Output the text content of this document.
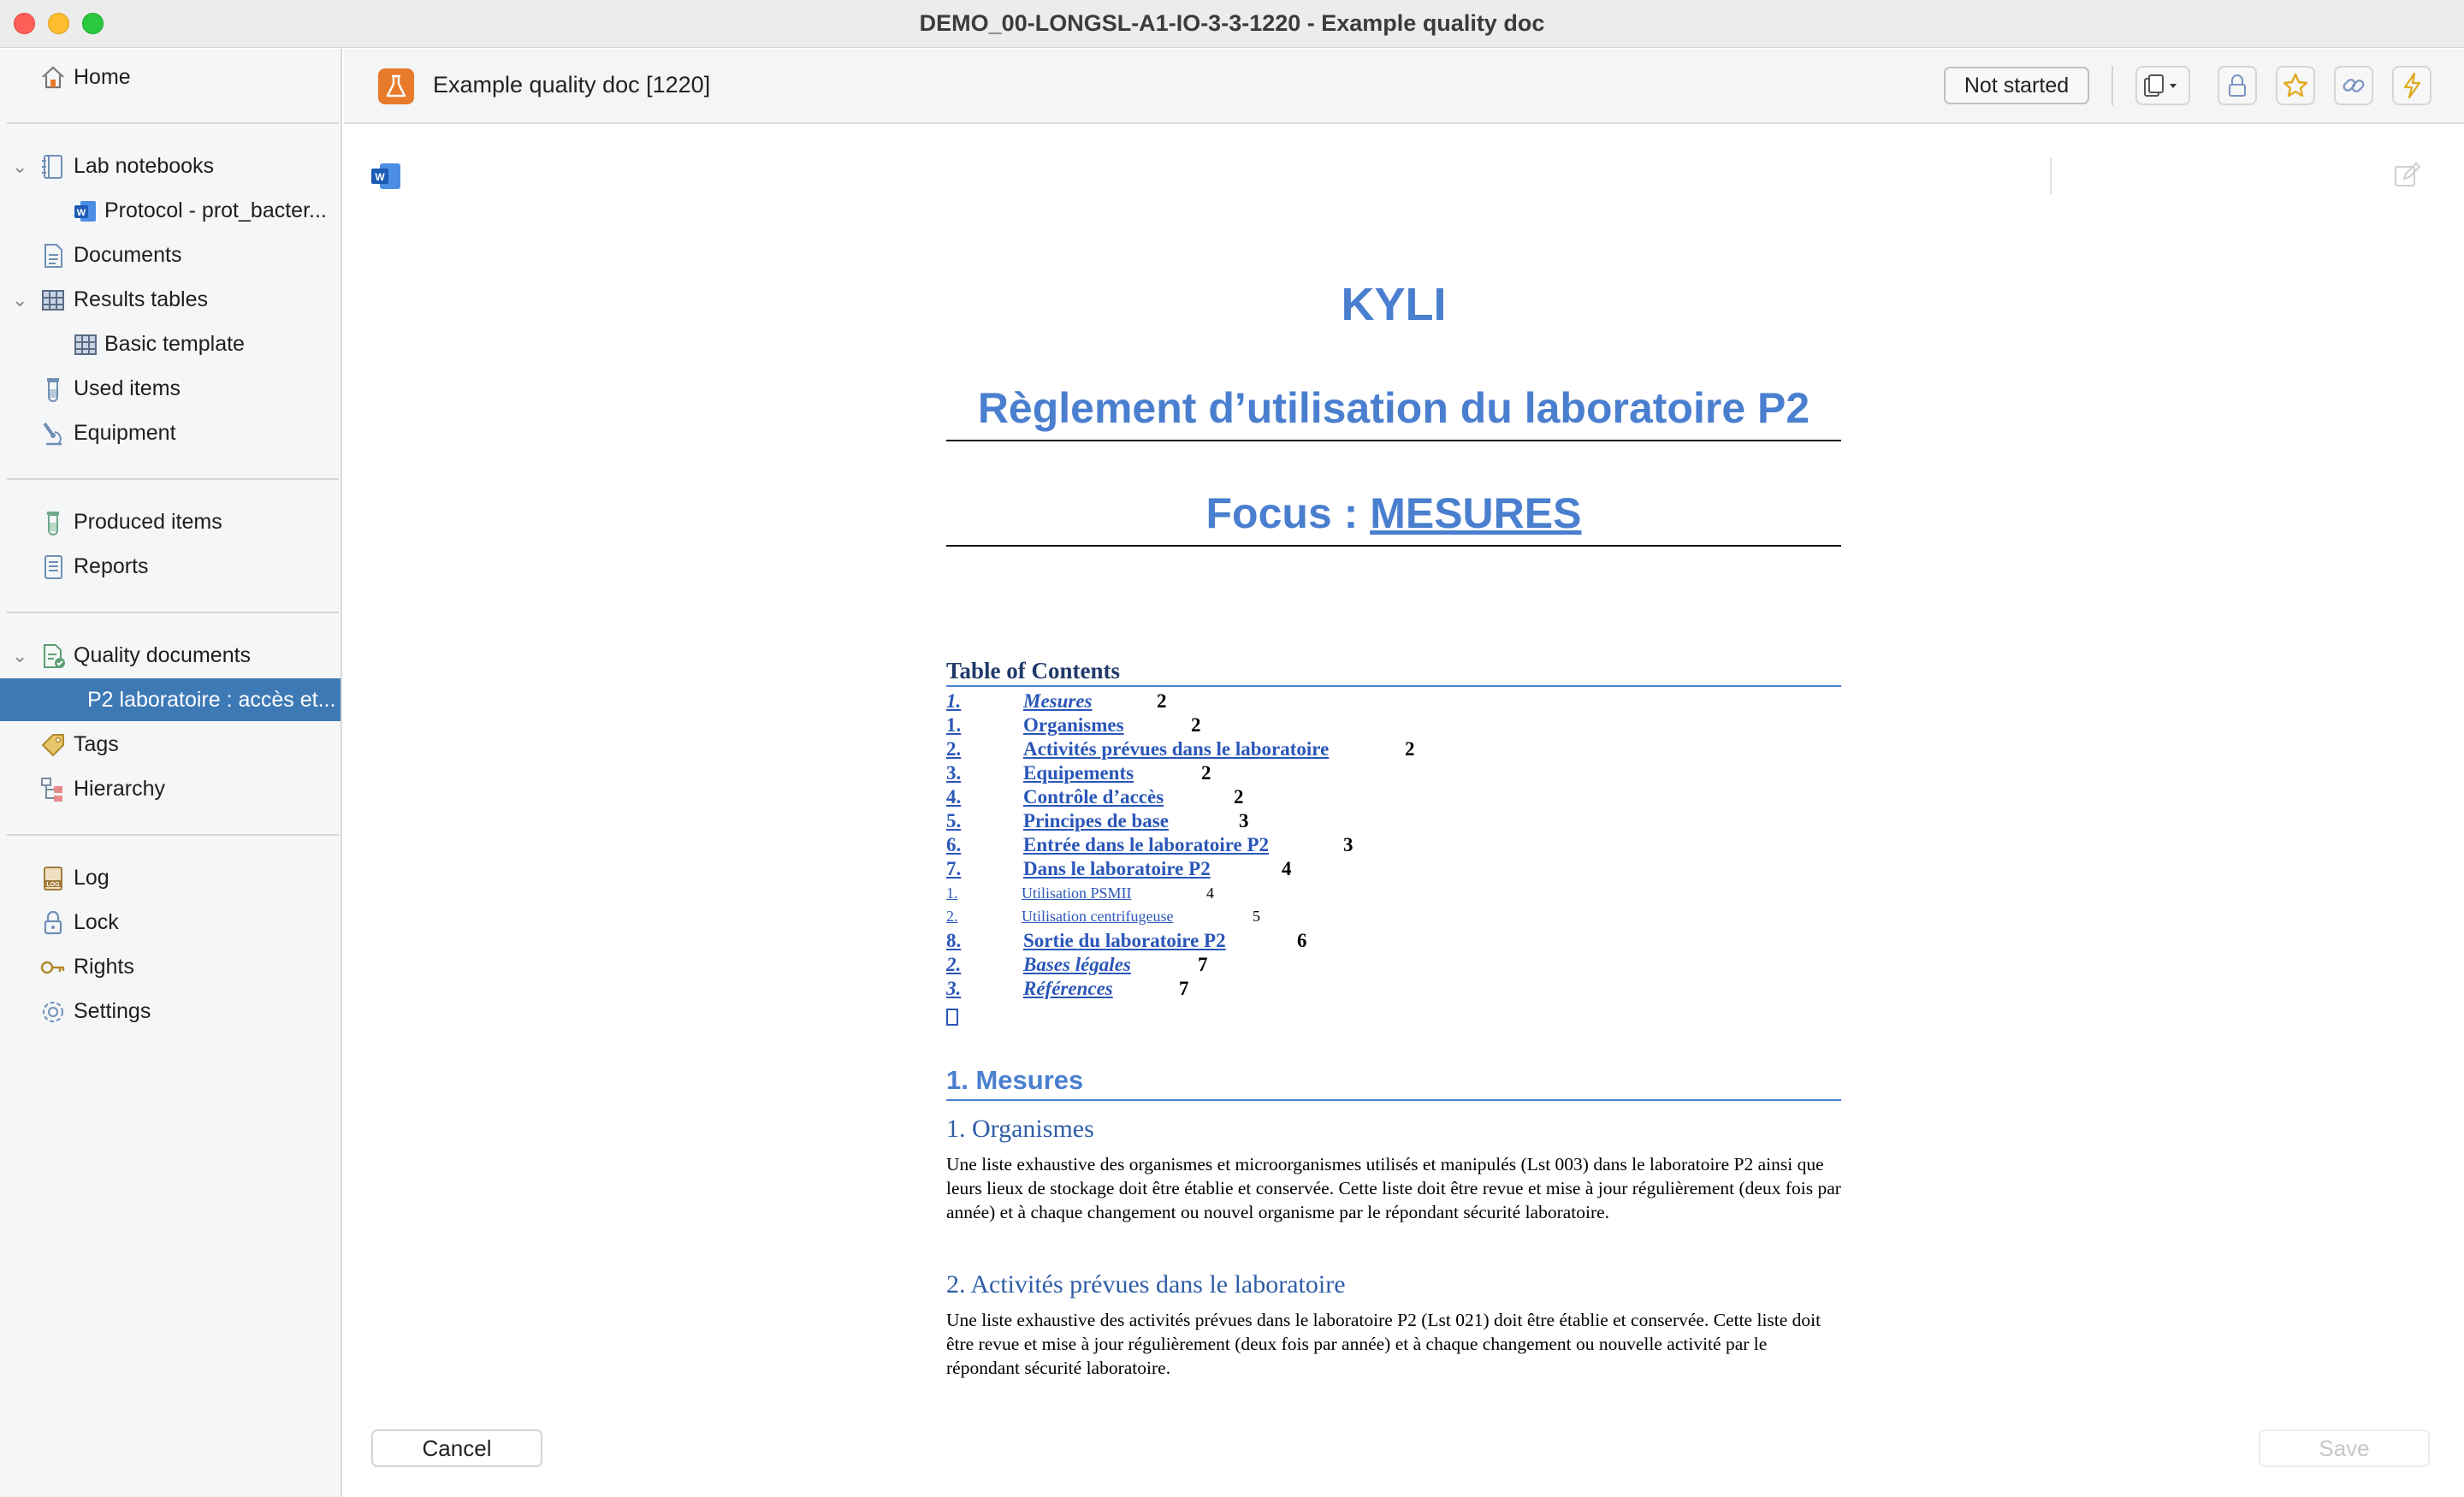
DEMO_00-LONGSL-A1-IO-3-3-1220 - Example quality doc
Home
⌄ Lab notebooks
W Protocol - prot_bacter...
Documents
⌄ Results tables
Basic template
Used items
Equipment
Produced items
Reports
⌄ Quality documents
P2 laboratoire : accès et...
Tags
Hierarchy
LOG Log
Lock
Rights
Settings
Example quality doc [1220]	Not started
W
KYLI
Règlement d’utilisation du laboratoire P2
Focus : MESURES
Table of Contents
1.	Mesures	2
1.	Organismes	2
2.	Activités prévues dans le laboratoire	2
3.	Equipements	2
4.	Contrôle d’accès	2
5.	Principes de base	3
6.	Entrée dans le laboratoire P2	3
7.	Dans le laboratoire P2	4
1.	Utilisation PSMII	4
2.	Utilisation centrifugeuse	5
8.	Sortie du laboratoire P2	6
2.	Bases légales	7
3.	Références	7
1. Mesures
1. Organismes
Une liste exhaustive des organismes et microorganismes utilisés et manipulés (Lst 003) dans le laboratoire P2 ainsi que leurs lieux de stockage doit être établie et conservée. Cette liste doit être revue et mise à jour régulièrement (deux fois par année) et à chaque changement ou nouvel organisme par le répondant sécurité laboratoire.
2. Activités prévues dans le laboratoire
Une liste exhaustive des activités prévues dans le laboratoire P2 (Lst 021) doit être établie et conservée. Cette liste doit être revue et mise à jour régulièrement (deux fois par année) et à chaque changement ou nouvelle activité par le répondant sécurité laboratoire.
Cancel	Save
